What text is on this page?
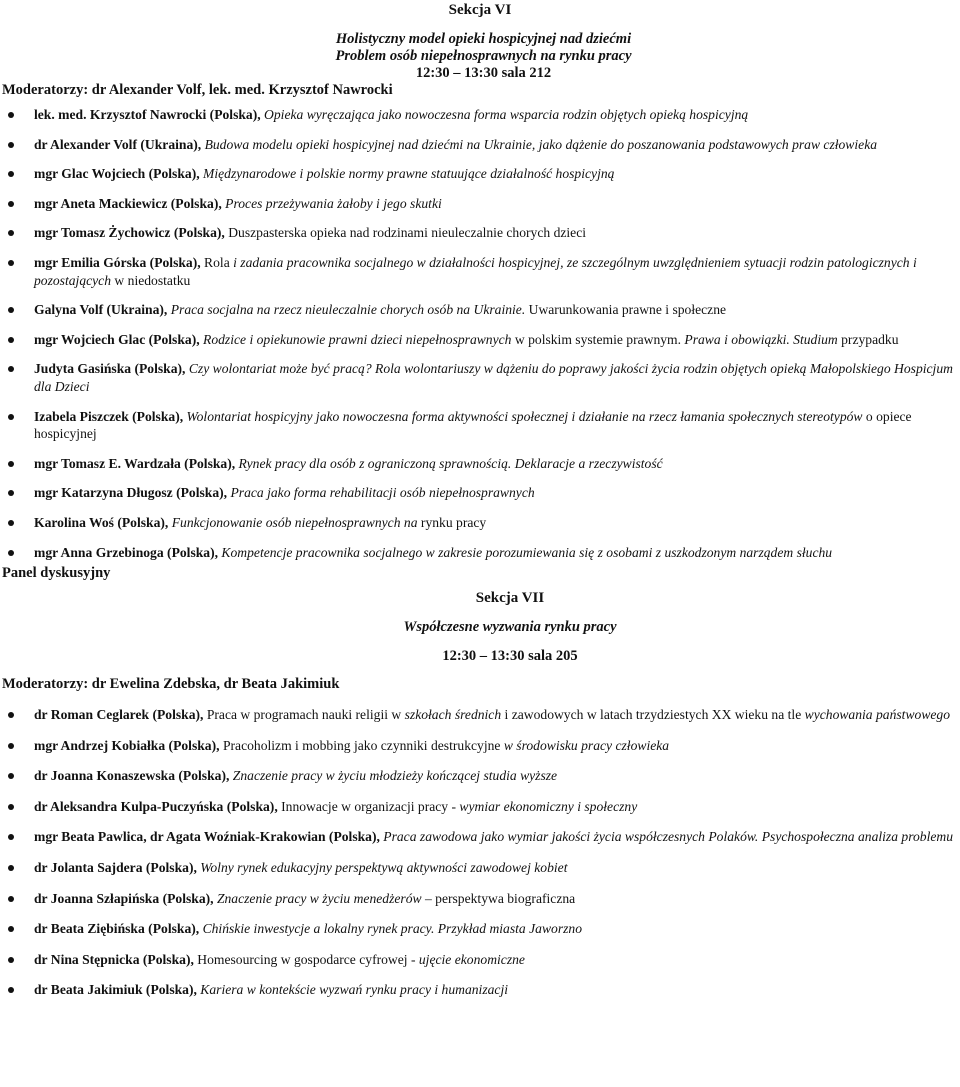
Sekcja VI
Holistyczny model opieki hospicyjnej nad dziećmi
Problem osób niepełnosprawnych na rynku pracy
12:30 – 13:30 sala 212
Moderatorzy: dr Alexander Volf, lek. med. Krzysztof Nawrocki
lek. med. Krzysztof Nawrocki (Polska), Opieka wyręczająca jako nowoczesna forma wsparcia rodzin objętych opieką hospicyjną
dr Alexander Volf (Ukraina), Budowa modelu opieki hospicyjnej nad dziećmi na Ukrainie, jako dążenie do poszanowania podstawowych praw człowieka
mgr Glac Wojciech (Polska), Międzynarodowe i polskie normy prawne statuujące działalność hospicyjną
mgr Aneta Mackiewicz (Polska), Proces przeżywania żałoby i jego skutki
mgr Tomasz Żychowicz (Polska), Duszpasterska opieka nad rodzinami nieuleczalnie chorych dzieci
mgr Emilia Górska (Polska), Rola i zadania pracownika socjalnego w działalności hospicyjnej, ze szczególnym uwzględnieniem sytuacji rodzin patologicznych i pozostających w niedostatku
Galyna Volf (Ukraina), Praca socjalna na rzecz nieuleczalnie chorych osób na Ukrainie. Uwarunkowania prawne i społeczne
mgr Wojciech Glac (Polska), Rodzice i opiekunowie prawni dzieci niepełnosprawnych w polskim systemie prawnym. Prawa i obowiązki. Studium przypadku
Judyta Gasińska (Polska), Czy wolontariat może być pracą? Rola wolontariuszy w dążeniu do poprawy jakości życia rodzin objętych opieką Małopolskiego Hospicjum dla Dzieci
Izabela Piszczek (Polska), Wolontariat hospicyjny jako nowoczesna forma aktywności społecznej i działanie na rzecz łamania społecznych stereotypów o opiece hospicyjnej
mgr Tomasz E. Wardzała (Polska), Rynek pracy dla osób z ograniczoną sprawnością. Deklaracje a rzeczywistość
mgr Katarzyna Długosz (Polska), Praca jako forma rehabilitacji osób niepełnosprawnych
Karolina Woś (Polska), Funkcjonowanie osób niepełnosprawnych na rynku pracy
mgr Anna Grzebinoga (Polska), Kompetencje pracownika socjalnego w zakresie porozumiewania się z osobami z uszkodzonym narządem słuchu
Panel dyskusyjny
Sekcja VII
Współczesne wyzwania rynku pracy
12:30 – 13:30 sala 205
Moderatorzy: dr Ewelina Zdebska, dr Beata Jakimiuk
dr Roman Ceglarek (Polska), Praca w programach nauki religii w szkołach średnich i zawodowych w latach trzydziestych XX wieku na tle wychowania państwowego
mgr Andrzej Kobiałka (Polska), Pracoholizm i mobbing jako czynniki destrukcyjne w środowisku pracy człowieka
dr Joanna Konaszewska (Polska), Znaczenie pracy w życiu młodzieży kończącej studia wyższe
dr Aleksandra Kulpa-Puczyńska (Polska), Innowacje w organizacji pracy - wymiar ekonomiczny i społeczny
mgr Beata Pawlica, dr Agata Woźniak-Krakowian (Polska), Praca zawodowa jako wymiar jakości życia współczesnych Polaków. Psychospołeczna analiza problemu
dr Jolanta Sajdera (Polska), Wolny rynek edukacyjny perspektywą aktywności zawodowej kobiet
dr Joanna Szłapińska (Polska), Znaczenie pracy w życiu menedżerów – perspektywa biograficzna
dr Beata Ziębińska (Polska), Chińskie inwestycje a lokalny rynek pracy. Przykład miasta Jaworzno
dr Nina Stępnicka (Polska), Homesourcing w gospodarce cyfrowej - ujęcie ekonomiczne
dr Beata Jakimiuk (Polska), Kariera w kontekście wyzwań rynku pracy i humanizacji
